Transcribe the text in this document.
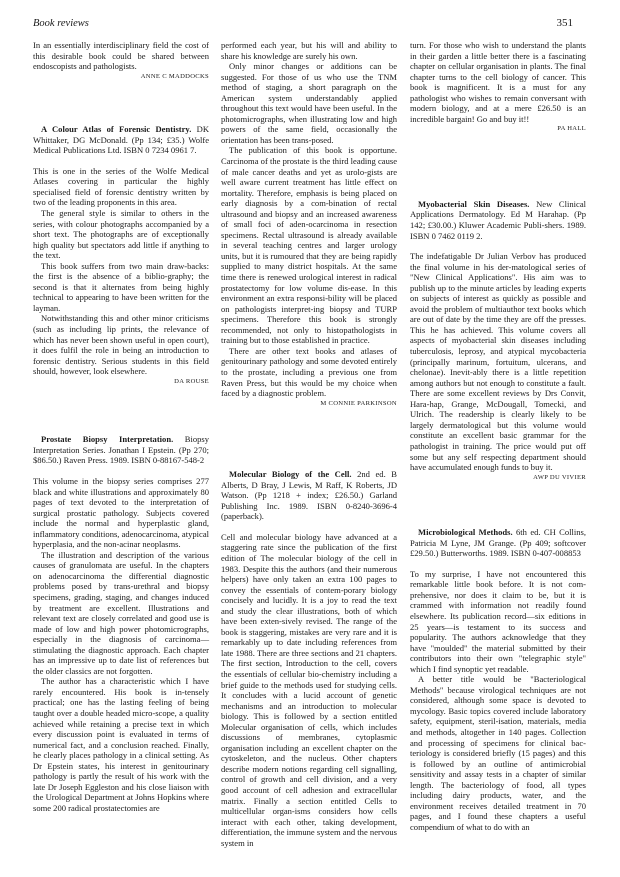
Book reviews	351

In an essentially interdisciplinary field the cost of this desirable book could be shared between endoscopists and pathologists.

ANNE C MADDOCKS

A Colour Atlas of Forensic Dentistry. DK Whittaker, DG McDonald. (Pp 134; £35.) Wolfe Medical Publications Ltd. ISBN 0 7234 0961 7.

This is one in the series of the Wolfe Medical Atlases covering in particular the highly specialised field of forensic dentistry written by two of the leading proponents in this area.

The general style is similar to others in the series, with colour photographs accompanied by a short text. The photographs are of exceptionally high quality but spectators add little if anything to the text.

This book suffers from two main draw-backs: the first is the absence of a biblio-graphy; the second is that it alternates from being highly technical to appearing to have been written for the layman.

Notwithstanding this and other minor criticisms (such as including lip prints, the relevance of which has never been shown useful in open court), it does fulfil the role in being an introduction to forensic dentistry. Serious students in this field should, however, look elsewhere.

DA ROUSE

Prostate Biopsy Interpretation. Biopsy Interpretation Series. Jonathan I Epstein. (Pp 270; $86.50.) Raven Press. 1989. ISBN 0-88167-548-2

This volume in the biopsy series comprises 277 black and white illustrations and approximately 80 pages of text devoted to the interpretation of surgical prostatic pathology. Subjects covered include the normal and hyperplastic gland, inflammatory conditions, adenocarcinoma, atypical hyperplasia, and the non-acinar neoplasms.

The illustration and description of the various causes of granulomata are useful. In the chapters on adenocarcinoma the differential diagnostic problems posed by trans-urethral and biopsy specimens, grading, staging, and changes induced by treatment are excellent. Illustrations and relevant text are closely correlated and good use is made of low and high power photomicrographs, especially in the diagnosis of carcinoma—stimulating the diagnostic approach. Each chapter has an impressive up to date list of references but the older classics are not forgotten.

The author has a characteristic which I have rarely encountered. His book is in-tensely practical; one has the lasting feeling of being taught over a double headed micro-scope, a quality achieved while retaining a precise text in which every discussion point is evaluated in terms of numerical fact, and a conclusion reached. Finally, he clearly places pathology in a clinical setting. As Dr Epstein states, his interest in genitourinary pathology is partly the result of his work with the late Dr Joseph Eggleston and his close liaison with the Urological Department at Johns Hopkins where some 200 radical prostatectomies are

performed each year, but his will and ability to share his knowledge are surely his own.

Only minor changes or additions can be suggested. For those of us who use the TNM method of staging, a short paragraph on the American system understandably applied throughout this text would have been useful. In the photomicrographs, when illustrating low and high powers of the same field, occasionally the orientation has been trans-posed.

The publication of this book is opportune. Carcinoma of the prostate is the third leading cause of male cancer deaths and yet as urolo-gists are well aware current treatment has little effect on mortality. Therefore, emphasis is being placed on early diagnosis by a com-bination of rectal ultrasound and biopsy and an increased awareness of small foci of aden-ocarcinoma in resection specimens. Rectal ultrasound is already available in several teaching centres and larger urology units, but it is rumoured that they are being rapidly supplied to many district hospitals. At the same time there is renewed urological interest in radical prostatectomy for low volume dis-ease. In this environment an extra responsi-bility will be placed on pathologists interpret-ing biopsy and TURP specimens. Therefore this book is strongly recommended, not only to histopathologists in training but to those established in practice.

There are other text books and atlases of genitourinary pathology and some devoted entirely to the prostate, including a previous one from Raven Press, but this would be my choice when faced by a diagnostic problem.

M CONNIE PARKINSON

Molecular Biology of the Cell. 2nd ed. B Alberts, D Bray, J Lewis, M Raff, K Roberts, JD Watson. (Pp 1218 + index; £26.50.) Garland Publishing Inc. 1989. ISBN 0-8240-3696-4 (paperback).

Cell and molecular biology have advanced at a staggering rate since the publication of the first edition of The molecular biology of the cell in 1983. Despite this the authors (and their numerous helpers) have only taken an extra 100 pages to convey the essentials of contem-porary biology concisely and lucidly. It is a joy to read the text and study the clear illustrations, both of which have been exten-sively revised. The range of the book is staggering, mistakes are very rare and it is remarkably up to date including references from late 1988. There are three sections and 21 chapters. The first section, Introduction to the cell, covers the essentials of cellular bio-chemistry including a brief guide to the methods used for studying cells. It concludes with a lucid account of genetic mechanisms and an introduction to molecular biology. This is followed by a section entitled Molecular organisation of cells, which includes discussions of membranes, cytoplasmic organisation including an excellent chapter on the cytoskeleton, and the nucleus. Other chapters describe modern notions regarding cell signalling, control of growth and cell division, and a very good account of cell adhesion and extracellular matrix. Finally a section entitled Cells to multicellular organ-isms considers how cells interact with each other, taking development, differentiation, the immune system and the nervous system in

turn. For those who wish to understand the plants in their garden a little better there is a fascinating chapter on cellular organisation in plants. The final chapter turns to the cell biology of cancer. This book is magnificent. It is a must for any pathologist who wishes to remain conversant with modern biology, and at a mere £26.50 is an incredible bargain! Go and buy it!!

PA HALL

Myobacterial Skin Diseases. New Clinical Applications Dermatology. Ed M Harahap. (Pp 142; £30.00.) Kluwer Academic Publi-shers. 1989. ISBN 0 7462 0119 2.

The indefatigable Dr Julian Verbov has produced the final volume in his der-matological series of "New Clinical Applications". His aim was to publish up to the minute articles by leading experts on subjects of interest as quickly as possible and avoid the problem of multiauthor text books which are out of date by the time they are off the presses. This he has achieved. This volume covers all aspects of myobacterial skin diseases including tuberculosis, leprosy, and atypical mycobacteria (principally marinum, fortuitum, ulcerans, and chelonae). Inevit-ably there is a little repetition among authors but not enough to constitute a fault. There are some excellent reviews by Drs Convit, Hara-hap, Grange, McDougall, Tomecki, and Ulrich. The readership is clearly likely to be largely dermatological but this volume would constitute an excellent basic grammar for the pathologist in training. The price would put off some but any self respecting department should have accumulated enough funds to buy it.

AWP DU VIVIER

Microbiological Methods. 6th ed. CH Collins, Patricia M Lyne, JM Grange. (Pp 409; softcover £29.50.) Butterworths. 1989. ISBN 0-407-008853

To my surprise, I have not encountered this remarkable little book before. It is not com-prehensive, nor does it claim to be, but it is crammed with information not readily found elsewhere. Its publication record—six editions in 25 years—is testament to its success and popularity. The authors acknowledge that they have "moulded" the material submitted by their contributors into their own "telegraphic style" which I find synoptic yet readable.

A better title would be "Bacteriological Methods" because virological techniques are not considered, although some space is devoted to mycology. Basic topics covered include laboratory safety, equipment, steril-isation, materials, media and methods, altogether in 140 pages. Collection and processing of specimens for clinical bac-teriology is considered briefly (15 pages) and this is followed by an outline of antimicrobial sensitivity and assay tests in a chapter of similar length. The bacteriology of food, all types including dairy products, water, and the environment receives detailed treatment in 70 pages, and I found these chapters a useful compendium of what to do with an
